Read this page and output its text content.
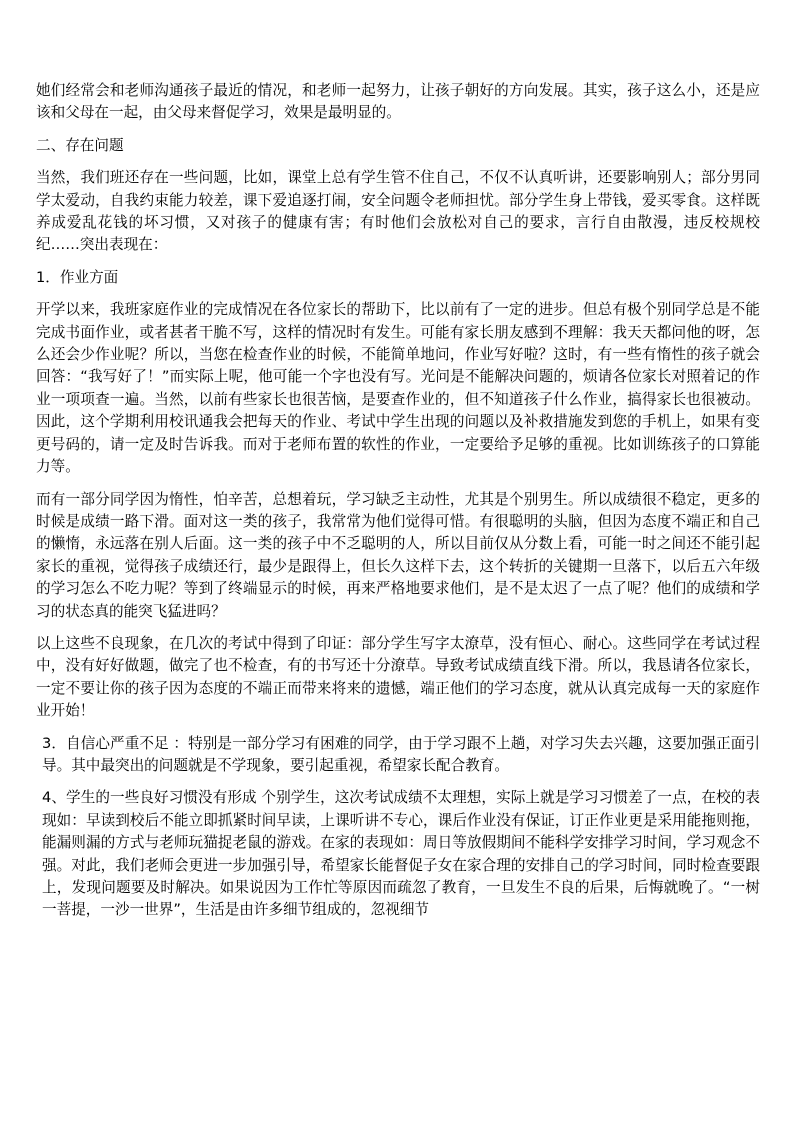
她们经常会和老师沟通孩子最近的情况，和老师一起努力，让孩子朝好的方向发展。其实，孩子这么小，还是应该和父母在一起，由父母来督促学习，效果是最明显的。

二、存在问题

当然，我们班还存在一些问题，比如，课堂上总有学生管不住自己，不仅不认真听讲，还要影响别人；部分男同学太爱动，自我约束能力较差，课下爱追逐打闹，安全问题令老师担忧。部分学生身上带钱，爱买零食。这样既养成爱乱花钱的坏习惯，又对孩子的健康有害；有时他们会放松对自己的要求，言行自由散漫，违反校规校纪……突出表现在：

1．作业方面

开学以来，我班家庭作业的完成情况在各位家长的帮助下，比以前有了一定的进步。但总有极个别同学总是不能完成书面作业，或者甚者干脆不写，这样的情况时有发生。可能有家长朋友感到不理解：我天天都问他的呀，怎么还会少作业呢？所以，当您在检查作业的时候，不能简单地问，作业写好啦？这时，有一些有惰性的孩子就会回答：“我写好了！”而实际上呢，他可能一个字也没有写。光问是不能解决问题的，烦请各位家长对照着记的作业一项项查一遍。当然，以前有些家长也很苦恼，是要查作业的，但不知道孩子什么作业，搞得家长也很被动。因此，这个学期利用校讯通我会把每天的作业、考试中学生出现的问题以及补救措施发到您的手机上，如果有变更号码的，请一定及时告诉我。而对于老师布置的软性的作业，一定要给予足够的重视。比如训练孩子的口算能力等。

而有一部分同学因为惰性，怕辛苦，总想着玩，学习缺乏主动性，尤其是个别男生。所以成绩很不稳定，更多的时候是成绩一路下滑。面对这一类的孩子，我常常为他们觉得可惜。有很聪明的头脑，但因为态度不端正和自己的懒惰，永远落在别人后面。这一类的孩子中不乏聪明的人，所以目前仅从分数上看，可能一时之间还不能引起家长的重视，觉得孩子成绩还行，最少是跟得上，但长久这样下去，这个转折的关键期一旦落下，以后五六年级的学习怎么不吃力呢？等到了终端显示的时候，再来严格地要求他们，是不是太迟了一点了呢？他们的成绩和学习的状态真的能突飞猛进吗？

以上这些不良现象，在几次的考试中得到了印证：部分学生写字太潦草，没有恒心、耐心。这些同学在考试过程中，没有好好做题，做完了也不检查，有的书写还十分潦草。导致考试成绩直线下滑。所以，我恳请各位家长，一定不要让你的孩子因为态度的不端正而带来将来的遗憾，端正他们的学习态度，就从认真完成每一天的家庭作业开始！

3．自信心严重不足 ：特别是一部分学习有困难的同学，由于学习跟不上趟，对学习失去兴趣，这要加强正面引导。其中最突出的问题就是不学现象，要引起重视，希望家长配合教育。

4、学生的一些良好习惯没有形成 个别学生，这次考试成绩不太理想，实际上就是学习习惯差了一点，在校的表现如：早读到校后不能立即抓紧时间早读，上课听讲不专心，课后作业没有保证，订正作业更是采用能拖则拖，能漏则漏的方式与老师玩猫捉老鼠的游戏。在家的表现如：周日等放假期间不能科学安排学习时间，学习观念不强。对此，我们老师会更进一步加强引导，希望家长能督促子女在家合理的安排自己的学习时间，同时检查要跟上，发现问题要及时解决。如果说因为工作忙等原因而疏忽了教育，一旦发生不良的后果，后悔就晚了。“一树一菩提，一沙一世界”，生活是由许多细节组成的，忽视细节
